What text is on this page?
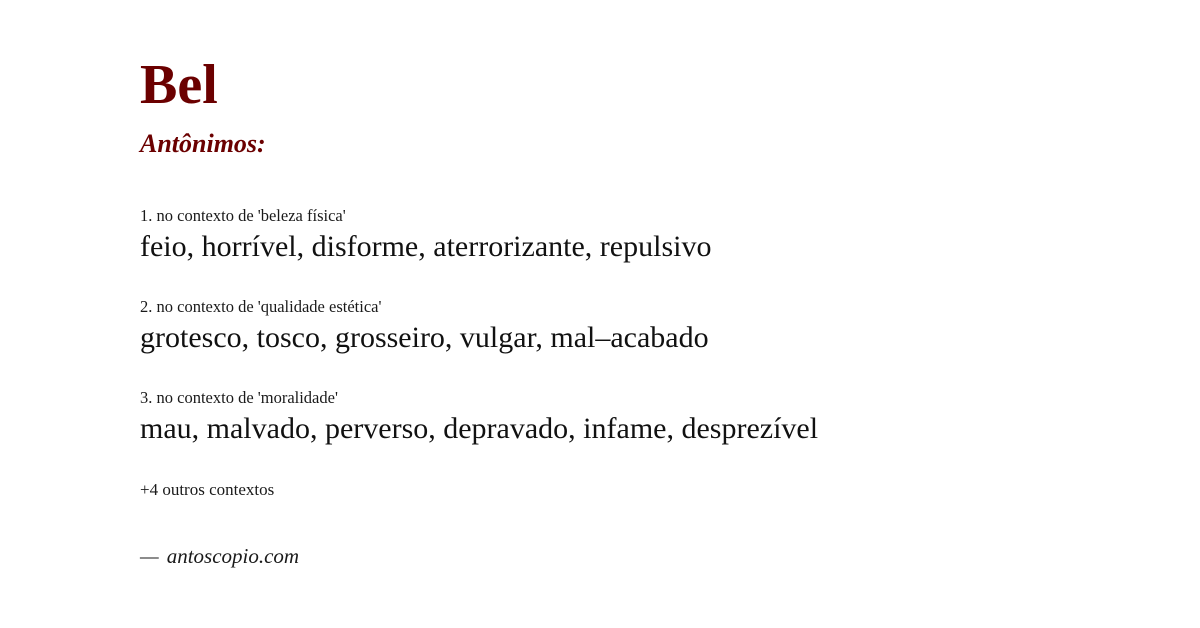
Bel
Antônimos:
1. no contexto de 'beleza física'
feio, horrível, disforme, aterrorizante, repulsivo
2. no contexto de 'qualidade estética'
grotesco, tosco, grosseiro, vulgar, mal–acabado
3. no contexto de 'moralidade'
mau, malvado, perverso, depravado, infame, desprezível
+4 outros contextos
— antoscopio.com
